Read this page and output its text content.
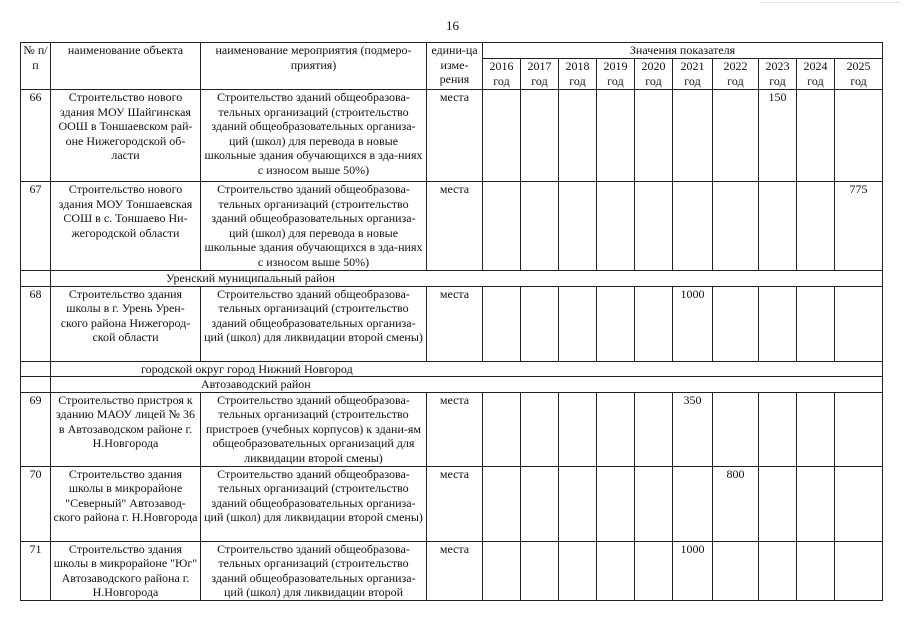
16
№ п/п	наименование объекта	наименование мероприятия (подмеро-приятия)	едини-ца изме-рения	Значения показателя									
				2016 год	2017 год	2018 год	2019 год	2020 год	2021 год	2022 год	2023 год	2024 год	2025 год
66	Строительство нового здания МОУ Шайгинская ООШ в Тоншаевском рай-оне Нижегородской об-ласти	Строительство зданий общеобразова-тельных организаций (строительство зданий общеобразовательных организа-ций (школ) для перевода в новые школьные здания обучающихся в зда-ниях с износом выше 50%)	места								150		
67	Строительство нового здания МОУ Тоншаевская СОШ в с. Тоншаево Ни-жегородской области	Строительство зданий общеобразова-тельных организаций (строительство зданий общеобразовательных организа-ций (школ) для перевода в новые школьные здания обучающихся в зда-ниях с износом выше 50%)	места										775
	Уренский муниципальный район												
68	Строительство здания школы в г. Урень Урен-ского района Нижегород-ской области	Строительство зданий общеобразова-тельных организаций (строительство зданий общеобразовательных организа-ций (школ) для ликвидации второй смены)	места						1000				
	городской округ город Нижний Новгород												
	Автозаводский район												
69	Строительство пристроя к зданию МАОУ лицей № 36 в Автозаводском районе г. Н.Новгорода	Строительство зданий общеобразова-тельных организаций (строительство пристроев (учебных корпусов) к здани-ям общеобразовательных организаций для ликвидации второй смены)	места						350				
70	Строительство здания школы в микрорайоне "Северный" Автозавод-ского района г. Н.Новгорода	Строительство зданий общеобразова-тельных организаций (строительство зданий общеобразовательных организа-ций (школ) для ликвидации второй смены)	места							800			
71	Строительство здания школы в микрорайоне "Юг" Автозаводского района г. Н.Новгорода	Строительство зданий общеобразова-тельных организаций (строительство зданий общеобразовательных организа-ций (школ) для ликвидации второй	места						1000				
